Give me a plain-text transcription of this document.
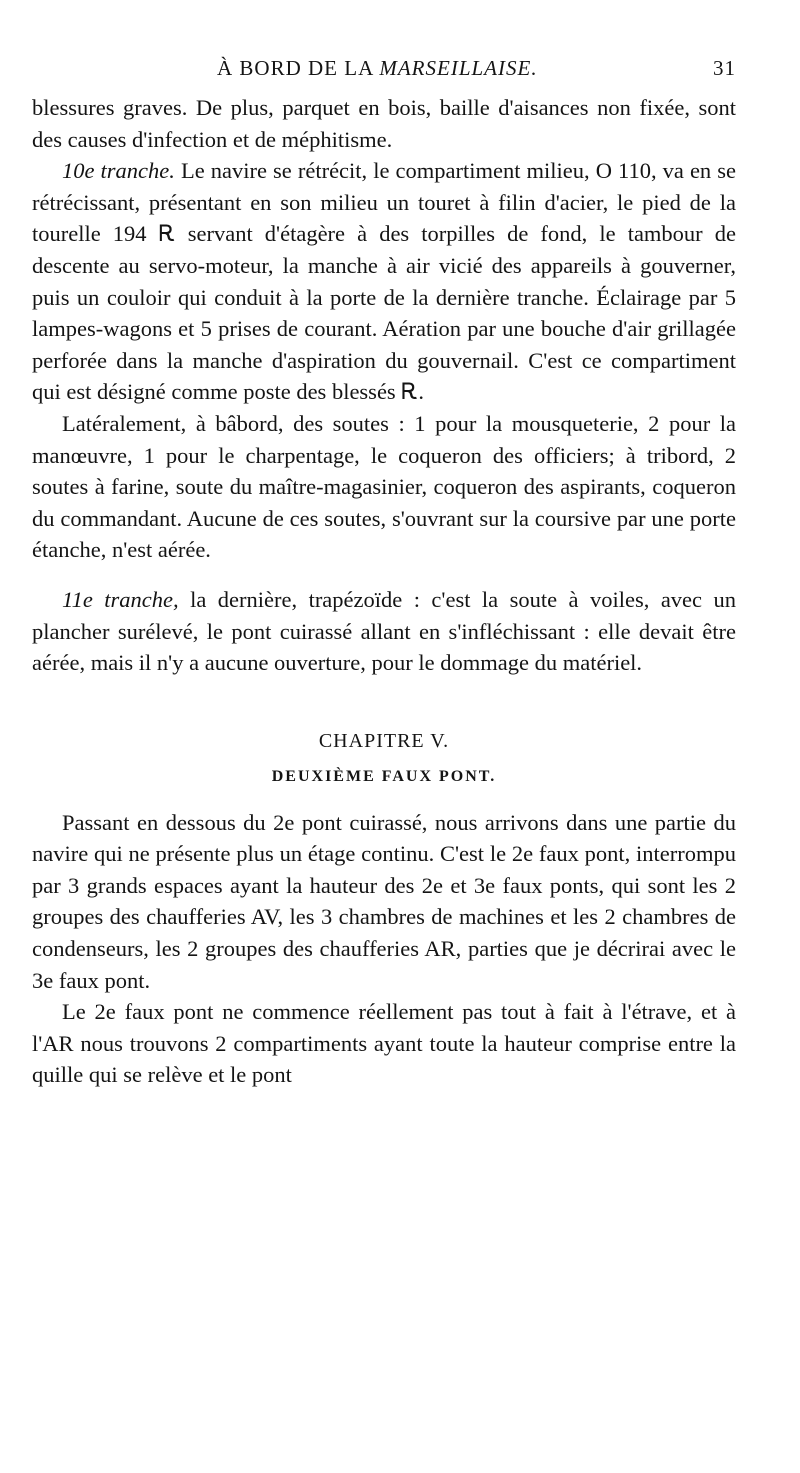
À BORD DE LA MARSEILLAISE.	31

blessures graves. De plus, parquet en bois, baille d'aisances non fixée, sont des causes d'infection et de méphitisme.

10e tranche. Le navire se rétrécit, le compartiment milieu, O 110, va en se rétrécissant, présentant en son milieu un touret à filin d'acier, le pied de la tourelle 194 Ꭱ servant d'étagère à des torpilles de fond, le tambour de descente au servo-moteur, la manche à air vicié des appareils à gouverner, puis un couloir qui conduit à la porte de la dernière tranche. Éclairage par 5 lampes-wagons et 5 prises de courant. Aération par une bouche d'air grillagée perforée dans la manche d'aspiration du gouvernail. C'est ce compartiment qui est désigné comme poste des blessés Ꭱ.

Latéralement, à bâbord, des soutes : 1 pour la mousqueterie, 2 pour la manœuvre, 1 pour le charpentage, le coqueron des officiers; à tribord, 2 soutes à farine, soute du maître-magasinier, coqueron des aspirants, coqueron du commandant. Aucune de ces soutes, s'ouvrant sur la coursive par une porte étanche, n'est aérée.

11e tranche, la dernière, trapézoïde : c'est la soute à voiles, avec un plancher surélevé, le pont cuirassé allant en s'infléchissant : elle devait être aérée, mais il n'y a aucune ouverture, pour le dommage du matériel.

CHAPITRE V.
DEUXIÈME FAUX PONT.

Passant en dessous du 2e pont cuirassé, nous arrivons dans une partie du navire qui ne présente plus un étage continu. C'est le 2e faux pont, interrompu par 3 grands espaces ayant la hauteur des 2e et 3e faux ponts, qui sont les 2 groupes des chaufferies AV, les 3 chambres de machines et les 2 chambres de condenseurs, les 2 groupes des chaufferies AR, parties que je décrirai avec le 3e faux pont.

Le 2e faux pont ne commence réellement pas tout à fait à l'étrave, et à l'AR nous trouvons 2 compartiments ayant toute la hauteur comprise entre la quille qui se relève et le pont
